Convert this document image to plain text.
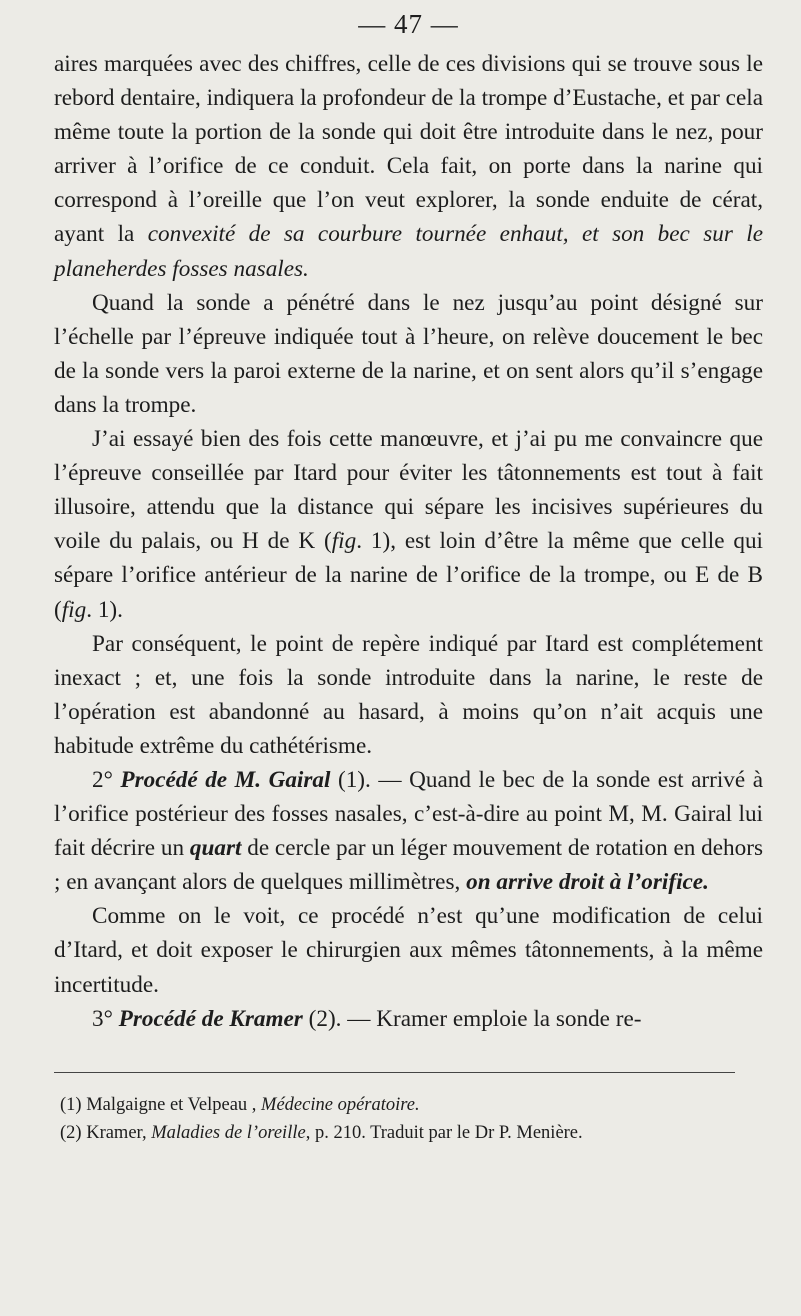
— 47 —

aires marquées avec des chiffres, celle de ces divisions qui se trouve sous le rebord dentaire, indiquera la profondeur de la trompe d’Eustache, et par cela même toute la portion de la sonde qui doit être introduite dans le nez, pour arriver à l’orifice de ce conduit. Cela fait, on porte dans la narine qui correspond à l’oreille que l’on veut explorer, la sonde enduite de cérat, ayant la convexité de sa courbure tournée enhaut, et son bec sur le planeherdes fosses nasales.

Quand la sonde a pénétré dans le nez jusqu’au point désigné sur l’échelle par l’épreuve indiquée tout à l’heure, on relève doucement le bec de la sonde vers la paroi externe de la narine, et on sent alors qu’il s’engage dans la trompe.

J’ai essayé bien des fois cette manœuvre, et j’ai pu me convaincre que l’épreuve conseillée par Itard pour éviter les tâtonnements est tout à fait illusoire, attendu que la distance qui sépare les incisives supérieures du voile du palais, ou H de K (fig. 1), est loin d’être la même que celle qui sépare l’orifice antérieur de la narine de l’orifice de la trompe, ou E de B (fig. 1).

Par conséquent, le point de repère indiqué par Itard est complétement inexact ; et, une fois la sonde introduite dans la narine, le reste de l’opération est abandonné au hasard, à moins qu’on n’ait acquis une habitude extrême du cathétérisme.

2° Procédé de M. Gairal (1). — Quand le bec de la sonde est arrivé à l’orifice postérieur des fosses nasales, c’est-à-dire au point M, M. Gairal lui fait décrire un quart de cercle par un léger mouvement de rotation en dehors ; en avançant alors de quelques millimètres, on arrive droit à l’orifice.

Comme on le voit, ce procédé n’est qu’une modification de celui d’Itard, et doit exposer le chirurgien aux mêmes tâtonnements, à la même incertitude.

3° Procédé de Kramer (2). — Kramer emploie la sonde re-

(1) Malgaigne et Velpeau , Médecine opératoire.

(2) Kramer, Maladies de l’oreille, p. 210. Traduit par le Dr P. Menière.
